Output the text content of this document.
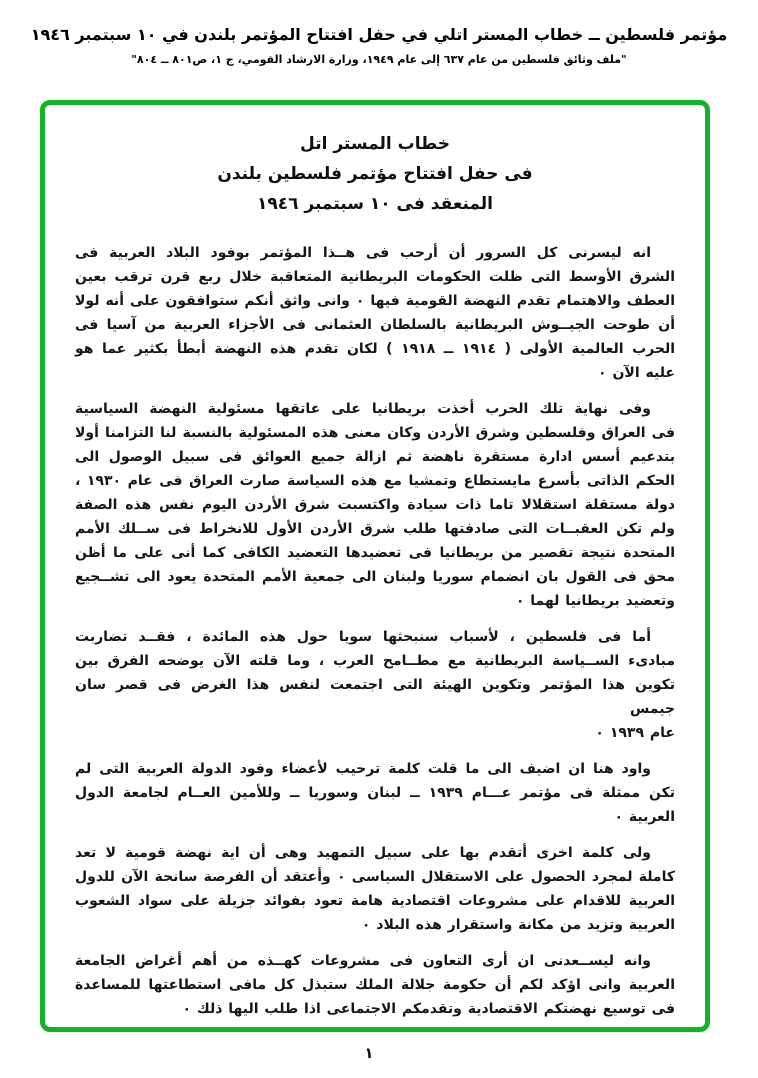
مؤتمر فلسطين ــ خطاب المستر اتلي في حفل افتتاح المؤتمر بلندن في ١٠ سبتمبر ١٩٤٦
"ملف وثائق فلسطين من عام ٦٣٧ إلى عام ١٩٤٩، وزارة الارشاد القومي، ج ١، ص٨٠١ ــ ٨٠٤"
خطاب المستر اتل
فى حفل افتتاح مؤتمر فلسطين بلندن
المنعقد فى ١٠ سبتمبر ١٩٤٦

انه ليسرنى كل السرور أن أرحب فى هــذا المؤتمر بوفود البلاد العربية فى
الشرق الأوسط التى ظلت الحكومات البريطانية المتعاقبة خلال ربع قرن ترقب بعين
العطف والاهتمام تقدم النهضة القومية فيها ٠ وانى واثق أنكم ستوافقون على أنه لولا
أن طوحت الجيــوش البريطانية بالسلطان العثمانى فى الأجزاء العربية من آسيا فى
الحرب العالمية الأولى ( ١٩١٤ ــ ١٩١٨ ) لكان تقدم هذه النهضة أبطأ بكثير عما هو
عليه الآن ٠

وفى نهاية تلك الحرب أخذت بريطانيا على عاتقها مسئولية النهضة السياسية
فى العراق وفلسطين وشرق الأردن وكان معنى هذه المسئولية بالنسبة لنا التزامنا أولا
بتدعيم أسس ادارة مستقرة ناهضة ثم ازالة جميع العوائق فى سبيل الوصول الى
الحكم الذاتى بأسرع مايستطاع وتمشيا مع هذه السياسة صارت العراق فى عام ١٩٣٠ ،
دولة مستقلة استقلالا تاما ذات سيادة واكتسبت شرق الأردن اليوم نفس هذه الصفة
ولم تكن العقبــات التى صادفتها طلب شرق الأردن الأول للانخراط فى ســلك الأمم
المتحدة نتيجة تقصير من بريطانيا فى تعضيدها التعضيد الكافى كما أنى على ما أظن
محق فى القول بان انضمام سوريا ولبنان الى جمعية الأمم المتحدة يعود الى تشــجيع
وتعضيد بريطانيا لهما ٠

أما فى فلسطين ، لأسباب سنبحثها سويا حول هذه المائدة ، فقــد تضاربت
مبادىء الســياسة البريطانية مع مطــامح العرب ، وما قلته الآن يوضحه الفرق بين
تكوين هذا المؤتمر وتكوين الهيئة التى اجتمعت لنفس هذا الغرض فى قصر سان جيمس
عام ١٩٣٩ ٠

واود هنا ان اضيف الى ما قلت كلمة ترحيب لأعضاء وفود الدولة العربية التى لم
تكن ممثلة فى مؤتمر عـــام ١٩٣٩ ــ لبنان وسوريا ــ وللأمين العــام لجامعة الدول
العربية ٠

ولى كلمة اخرى أتقدم بها على سبيل التمهيد وهى أن اية نهضة قومية لا تعد
كاملة لمجرد الحصول على الاستقلال السياسى ٠ وأعتقد أن الفرصة سانحة الآن للدول
العربية للاقدام على مشروعات اقتصادية هامة تعود بفوائد جزيلة على سواد الشعوب
العربية وتزيد من مكانة واستقرار هذه البلاد ٠

وانه ليســعدنى ان أرى التعاون فى مشروعات كهــذه من أهم أغراض الجامعة
العربية وانى اؤكد لكم أن حكومة جلالة الملك ستبذل كل مافى استطاعتها للمساعدة
فى توسيع نهضتكم الاقتصادية وتقدمكم الاجتماعى اذا طلب اليها ذلك ٠

١
